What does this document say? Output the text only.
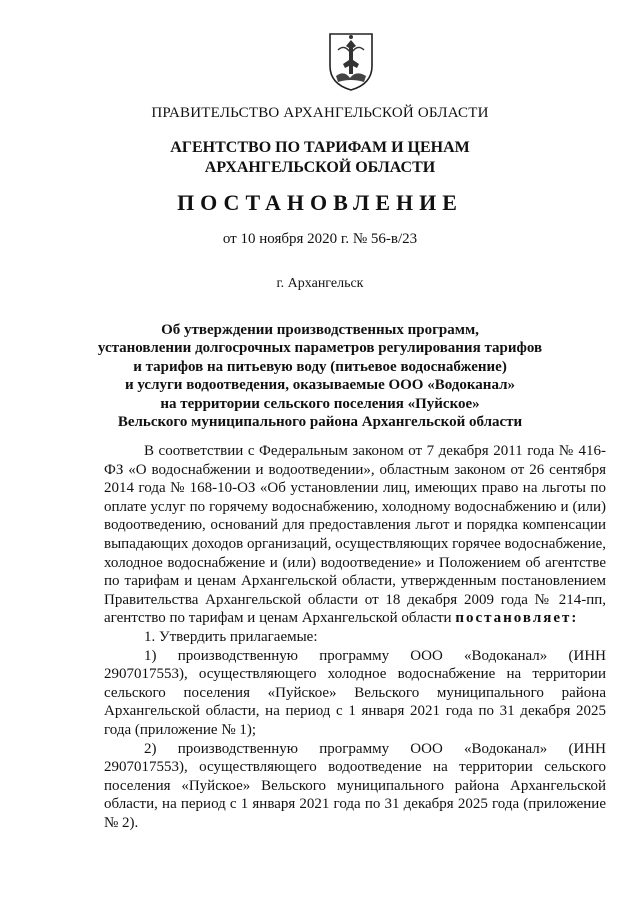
ПРАВИТЕЛЬСТВО АРХАНГЕЛЬСКОЙ ОБЛАСТИ
АГЕНТСТВО ПО ТАРИФАМ И ЦЕНАМ
АРХАНГЕЛЬСКОЙ ОБЛАСТИ
ПОСТАНОВЛЕНИЕ
от 10 ноября 2020 г. № 56-в/23
г. Архангельск
Об утверждении производственных программ,
установлении долгосрочных параметров регулирования тарифов
и тарифов на питьевую воду (питьевое водоснабжение)
и услуги водоотведения, оказываемые ООО «Водоканал»
на территории сельского поселения «Пуйское»
Вельского муниципального района Архангельской области

В соответствии с Федеральным законом от 7 декабря 2011 года № 416-ФЗ «О водоснабжении и водоотведении», областным законом от 26 сентября 2014 года № 168-10-ОЗ «Об установлении лиц, имеющих право на льготы по оплате услуг по горячему водоснабжению, холодному водоснабжению и (или) водоотведению, оснований для предоставления льгот и порядка компенсации выпадающих доходов организаций, осуществляющих горячее водоснабжение, холодное водоснабжение и (или) водоотведение» и Положением об агентстве по тарифам и ценам Архангельской области, утвержденным постановлением Правительства Архангельской области от 18 декабря 2009 года № 214-пп, агентство по тарифам и ценам Архангельской области постановляет:

1. Утвердить прилагаемые:

1) производственную программу ООО «Водоканал» (ИНН 2907017553), осуществляющего холодное водоснабжение на территории сельского поселения «Пуйское» Вельского муниципального района Архангельской области, на период с 1 января 2021 года по 31 декабря 2025 года (приложение № 1);

2) производственную программу ООО «Водоканал» (ИНН 2907017553), осуществляющего водоотведение на территории сельского поселения «Пуйское» Вельского муниципального района Архангельской области, на период с 1 января 2021 года по 31 декабря 2025 года (приложение № 2).
